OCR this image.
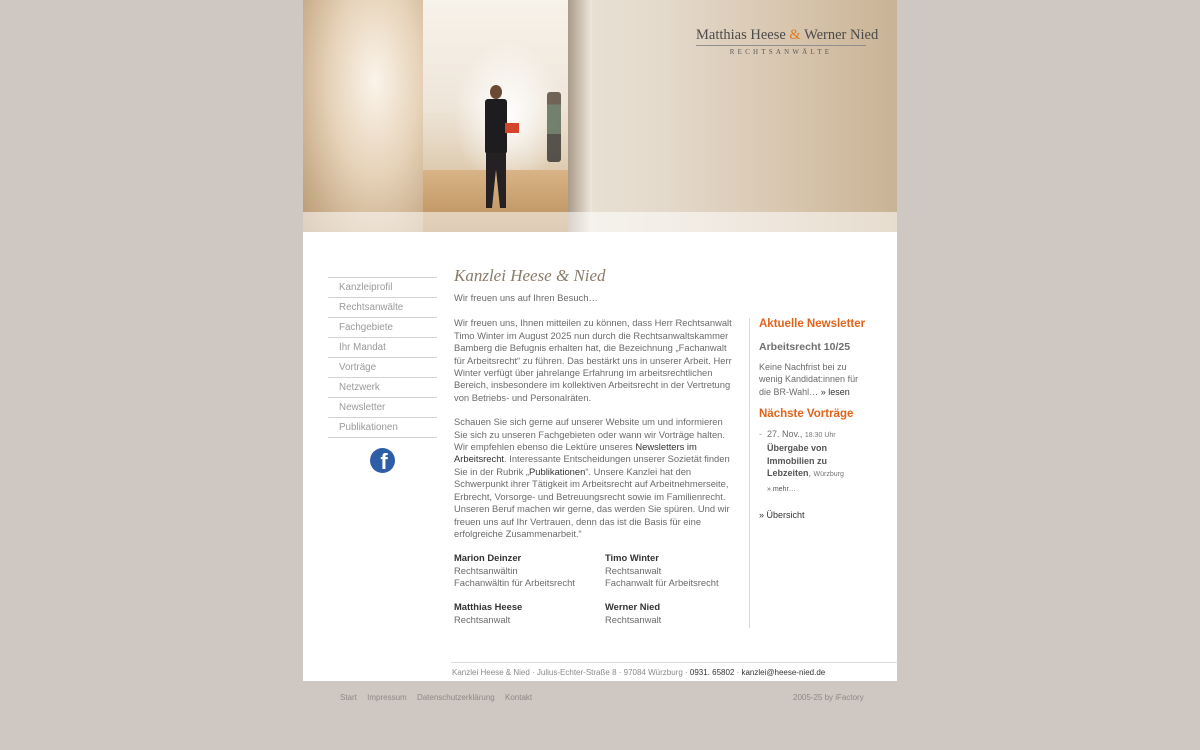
Matthias Heese & Werner Nied
RECHTSANWÄLTE
Kanzleiprofil
Rechtsanwälte
Fachgebiete
Ihr Mandat
Vorträge
Netzwerk
Newsletter
Publikationen
f
Kanzlei Heese & Nied

Wir freuen uns auf Ihren Besuch…

Wir freuen uns, Ihnen mitteilen zu können, dass Herr Rechtsanwalt Timo Winter im August 2025 nun durch die Rechtsanwaltskammer Bamberg die Befugnis erhalten hat, die Bezeichnung „Fachanwalt für Arbeitsrecht“ zu führen. Das bestärkt uns in unserer Arbeit. Herr Winter verfügt über jahrelange Erfahrung im arbeitsrechtlichen Bereich, insbesondere im kollektiven Arbeitsrecht in der Vertretung von Betriebs- und Personalräten.

Schauen Sie sich gerne auf unserer Website um und informieren Sie sich zu unseren Fachgebieten oder wann wir Vorträge halten. Wir empfehlen ebenso die Lektüre unseres Newsletters im Arbeitsrecht. Interessante Entscheidungen unserer Sozietät finden Sie in der Rubrik „Publikationen“. Unsere Kanzlei hat den Schwerpunkt ihrer Tätigkeit im Arbeitsrecht auf Arbeitnehmerseite, Erbrecht, Vorsorge- und Betreuungsrecht sowie im Familienrecht. Unseren Beruf machen wir gerne, das werden Sie spüren. Und wir freuen uns auf Ihr Vertrauen, denn das ist die Basis für eine erfolgreiche Zusammenarbeit.“

Marion Deinzer
Rechtsanwältin
Fachanwältin für Arbeitsrecht
Timo Winter
Rechtsanwalt
Fachanwalt für Arbeitsrecht
Matthias Heese
Rechtsanwalt
Werner Nied
Rechtsanwalt
Aktuelle Newsletter
Arbeitsrecht 10/25

Keine Nachfrist bei zu wenig Kandidat:innen für die BR-Wahl… » lesen

Nächste Vorträge
- 27. Nov., 18.30 Uhr
Übergabe von Immobilien zu Lebzeiten, Würzburg
» mehr…
» Übersicht
Kanzlei Heese & Nied · Julius-Echter-Straße 8 · 97084 Würzburg · 0931. 65802 · kanzlei@heese-nied.de
Start Impressum Datenschutzerklärung Kontakt	2005-25 by iFactory
